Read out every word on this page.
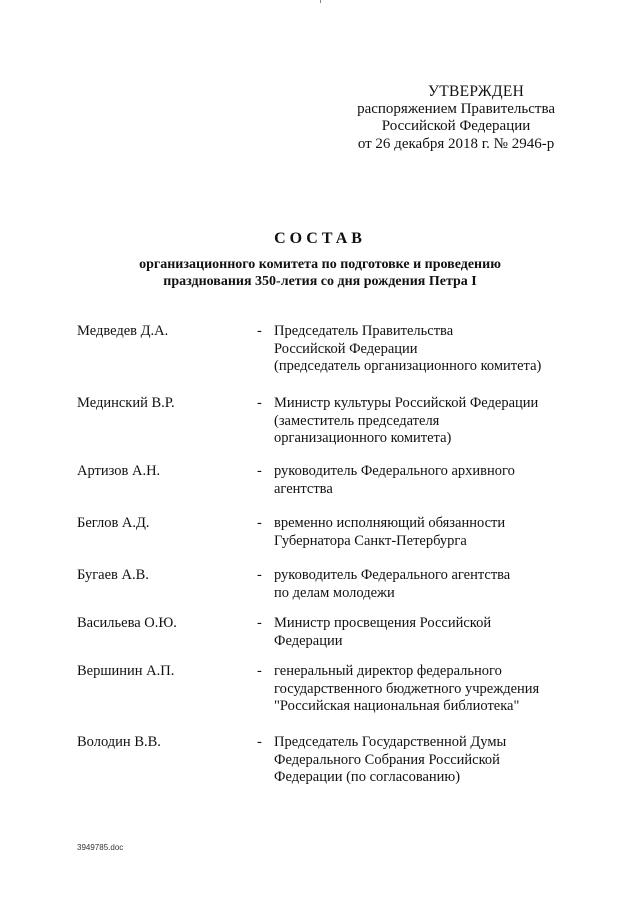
УТВЕРЖДЕН
распоряжением Правительства
Российской Федерации
от 26 декабря 2018 г. № 2946-р
СОСТАВ
организационного комитета по подготовке и проведению
празднования 350-летия со дня рождения Петра I
Медведев Д.А.	- Председатель Правительства
Российской Федерации
(председатель организационного комитета)
Мединский В.Р.	- Министр культуры Российской Федерации
(заместитель председателя
организационного комитета)
Артизов А.Н.	- руководитель Федерального архивного
агентства
Беглов А.Д.	- временно исполняющий обязанности
Губернатора Санкт-Петербурга
Бугаев А.В.	- руководитель Федерального агентства
по делам молодежи
Васильева О.Ю.	- Министр просвещения Российской
Федерации
Вершинин А.П.	- генеральный директор федерального
государственного бюджетного учреждения
"Российская национальная библиотека"
Володин В.В.	- Председатель Государственной Думы
Федерального Собрания Российской
Федерации (по согласованию)
3949785.doc
